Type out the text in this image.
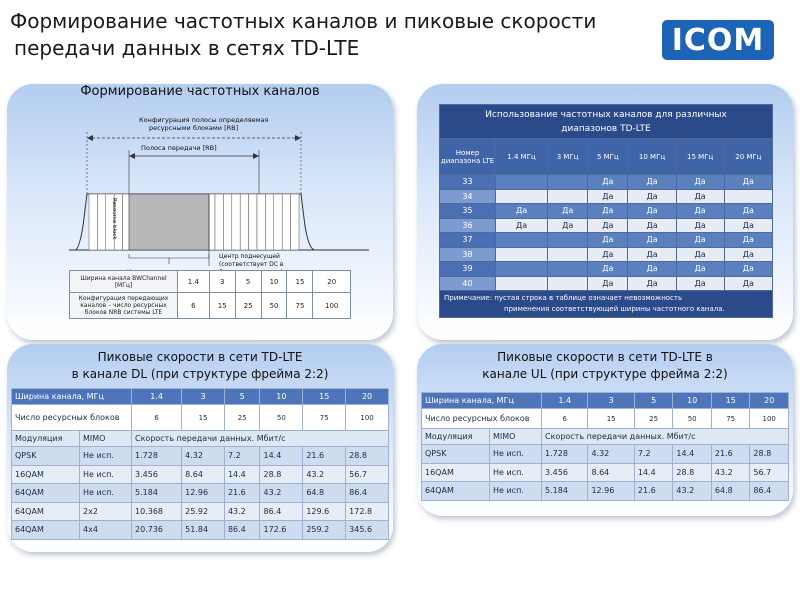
Формирование частотных каналов и пиковые скорости
передачи данных в сетях TD-LTE	ICOM
Формирование частотных каналов
Конфигурация полосы определяемая
ресурсными блоками [RB]
Полоса передачи [RB]
Resource block
Центр поднесущей
(соответствует DC в
Ширина канала BWChannel [МГц]	1.4	3	5	10	15	20
Конфигурация передающих каналов – число ресурсных блоков NRB системы LTE	6	15	25	50	75	100
Использование частотных каналов для различных
диапазонов TD-LTE						
Номер диапазона LTE	1.4 МГц	3 МГц	5 МГц	10 МГц	15 МГц	20 МГц
33			Да	Да	Да	Да
34			Да	Да	Да	
35	Да	Да	Да	Да	Да	Да
36	Да	Да	Да	Да	Да	Да
37			Да	Да	Да	Да
38			Да	Да	Да	Да
39			Да	Да	Да	Да
40			Да	Да	Да	Да
Примечание: пустая строка в таблице означает невозможность
применения соответствующей ширины частотного канала.						
Пиковые скорости в сети TD-LTE
в канале DL (при структуре фрейма 2:2)
Ширина канала, МГц		1.4	3	5	10	15	20
Число ресурсных блоков		6	15	25	50	75	100
Модуляция	MIMO	Скорость передачи данных. Мбит/с					
QPSK	Не исп.	1.728	4.32	7.2	14.4	21.6	28.8
16QAM	Не исп.	3.456	8.64	14.4	28.8	43.2	56.7
64QAM	Не исп.	5.184	12.96	21.6	43.2	64.8	86.4
64QAM	2x2	10.368	25.92	43.2	86.4	129.6	172.8
64QAM	4x4	20.736	51.84	86.4	172.6	259.2	345.6
Пиковые скорости в сети TD-LTE в
канале UL (при структуре фрейма 2:2)
Ширина канала, МГц		1.4	3	5	10	15	20
Число ресурсных блоков		6	15	25	50	75	100
Модуляция	MIMO	Скорость передачи данных. Мбит/с					
QPSK	Не исп.	1.728	4.32	7.2	14.4	21.6	28.8
16QAM	Не исп.	3.456	8.64	14.4	28.8	43.2	56.7
64QAM	Не исп.	5.184	12.96	21.6	43.2	64.8	86.4
